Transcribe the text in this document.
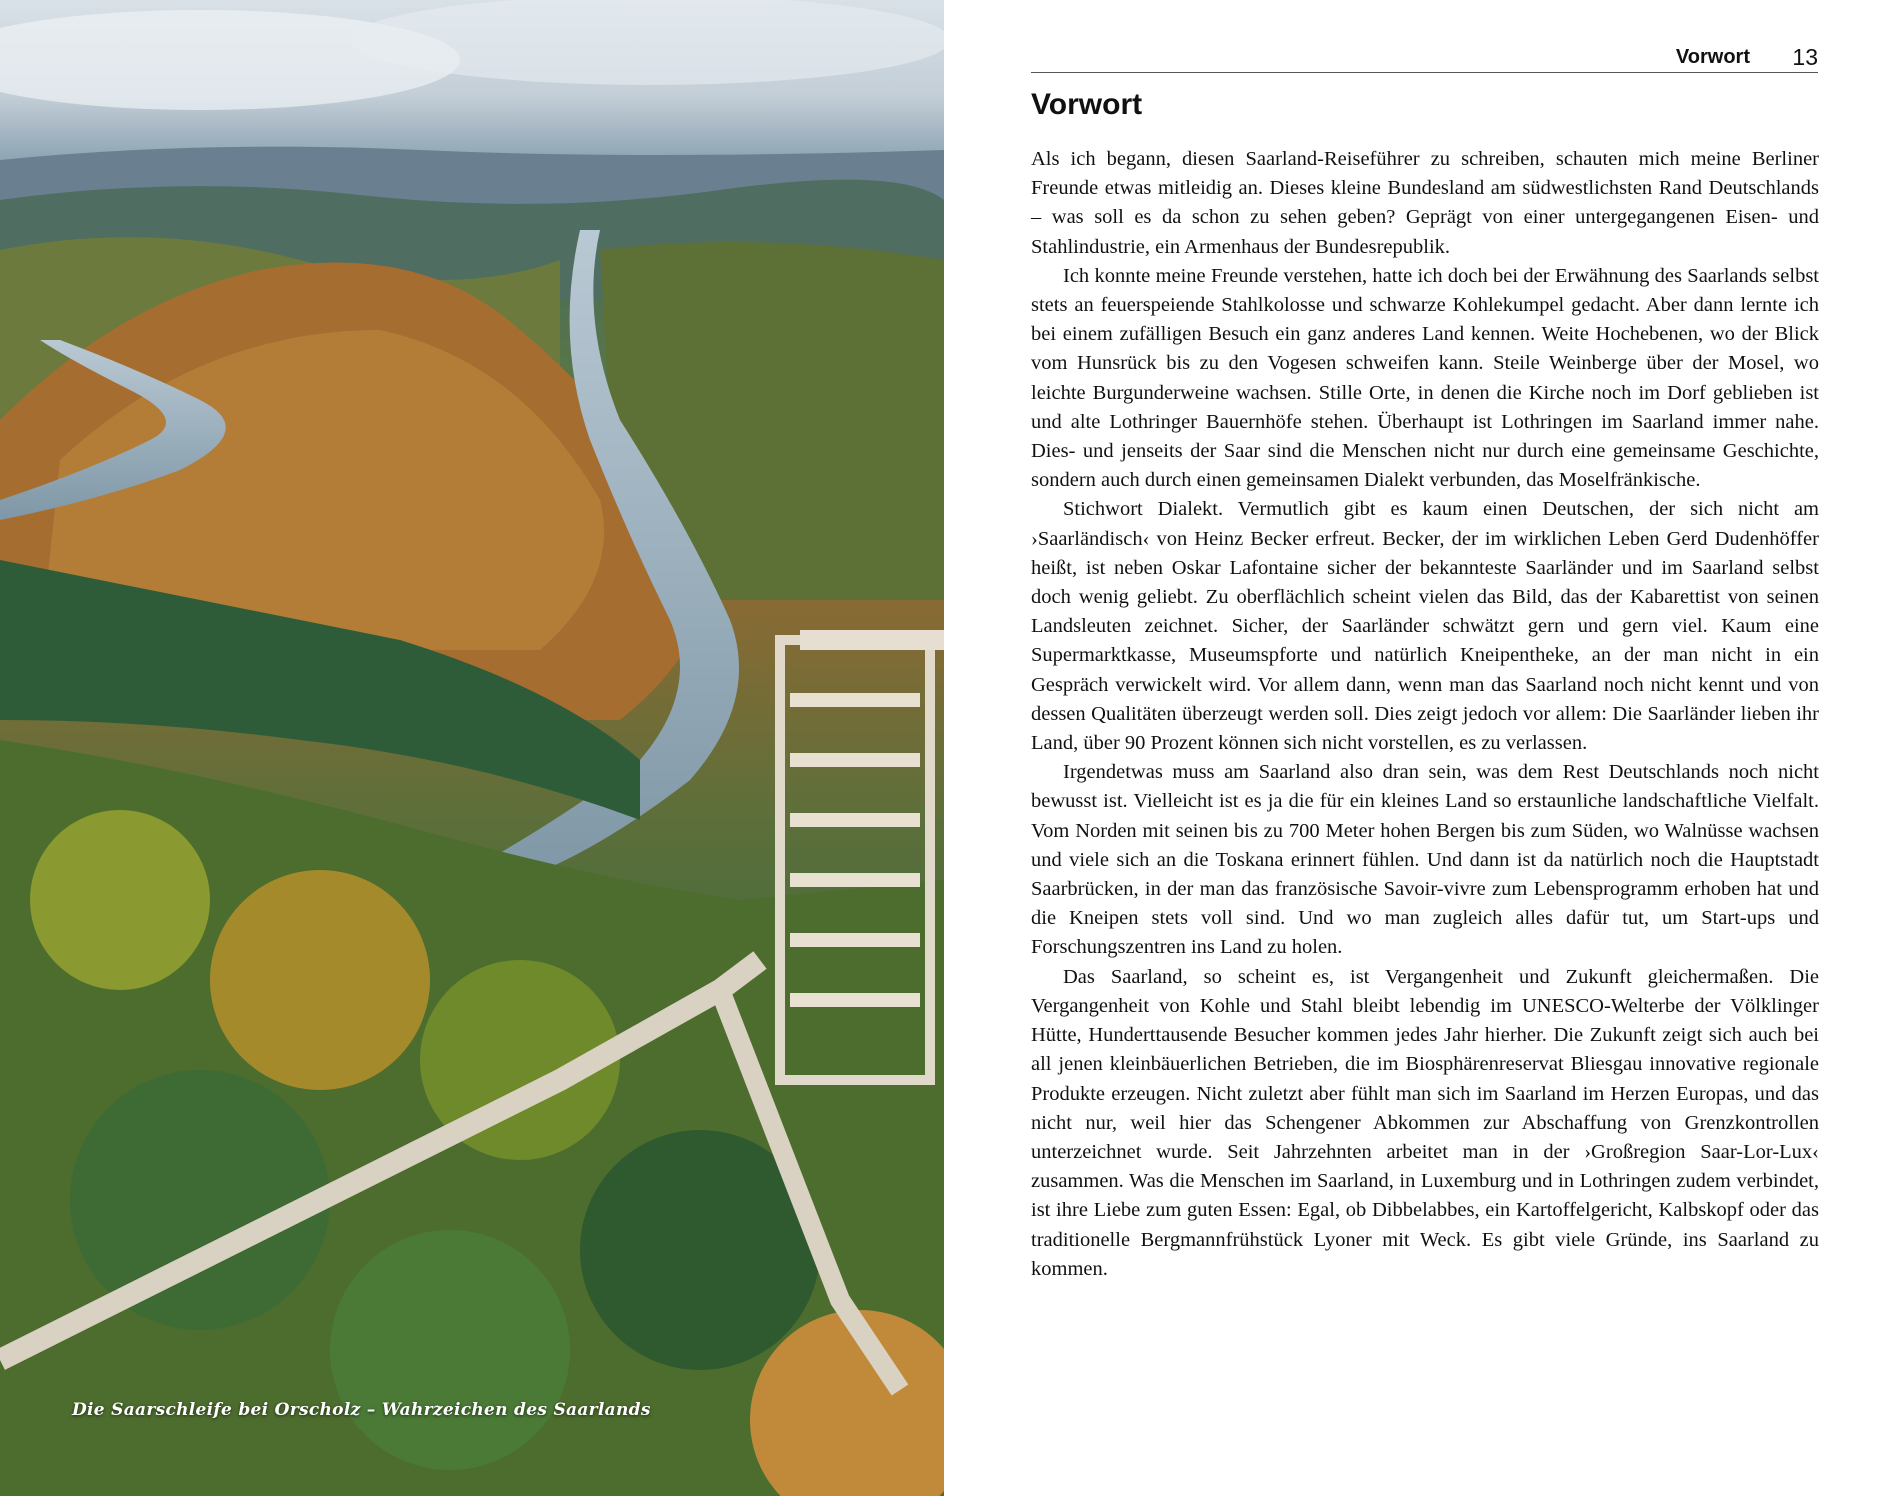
Die Saarschleife bei Orscholz – Wahrzeichen des Saarlands
Vorwort 13
Vorwort

Als ich begann, diesen Saarland-Reiseführer zu schreiben, schauten mich meine Berliner Freunde etwas mitleidig an. Dieses kleine Bundesland am südwestlichsten Rand Deutschlands – was soll es da schon zu sehen geben? Geprägt von einer untergegangenen Eisen- und Stahlindustrie, ein Armenhaus der Bundesrepublik.

Ich konnte meine Freunde verstehen, hatte ich doch bei der Erwähnung des Saarlands selbst stets an feuerspeiende Stahlkolosse und schwarze Kohlekumpel gedacht. Aber dann lernte ich bei einem zufälligen Besuch ein ganz anderes Land kennen. Weite Hochebenen, wo der Blick vom Hunsrück bis zu den Vogesen schweifen kann. Steile Weinberge über der Mosel, wo leichte Burgunderweine wachsen. Stille Orte, in denen die Kirche noch im Dorf geblieben ist und alte Lothringer Bauernhöfe stehen. Überhaupt ist Lothringen im Saarland immer nahe. Dies- und jenseits der Saar sind die Menschen nicht nur durch eine gemeinsame Geschichte, sondern auch durch einen gemeinsamen Dialekt verbunden, das Moselfränkische.

Stichwort Dialekt. Vermutlich gibt es kaum einen Deutschen, der sich nicht am ›Saarländisch‹ von Heinz Becker erfreut. Becker, der im wirklichen Leben Gerd Dudenhöffer heißt, ist neben Oskar Lafontaine sicher der bekannteste Saarländer und im Saarland selbst doch wenig geliebt. Zu oberflächlich scheint vielen das Bild, das der Kabarettist von seinen Landsleuten zeichnet. Sicher, der Saarländer schwätzt gern und gern viel. Kaum eine Supermarktkasse, Museumspforte und natürlich Kneipentheke, an der man nicht in ein Gespräch verwickelt wird. Vor allem dann, wenn man das Saarland noch nicht kennt und von dessen Qualitäten überzeugt werden soll. Dies zeigt jedoch vor allem: Die Saarländer lieben ihr Land, über 90 Prozent können sich nicht vorstellen, es zu verlassen.

Irgendetwas muss am Saarland also dran sein, was dem Rest Deutschlands noch nicht bewusst ist. Vielleicht ist es ja die für ein kleines Land so erstaunliche landschaftliche Vielfalt. Vom Norden mit seinen bis zu 700 Meter hohen Bergen bis zum Süden, wo Walnüsse wachsen und viele sich an die Toskana erinnert fühlen. Und dann ist da natürlich noch die Hauptstadt Saarbrücken, in der man das französische Savoir-vivre zum Lebensprogramm erhoben hat und die Kneipen stets voll sind. Und wo man zugleich alles dafür tut, um Start-ups und Forschungszentren ins Land zu holen.

Das Saarland, so scheint es, ist Vergangenheit und Zukunft gleichermaßen. Die Vergangenheit von Kohle und Stahl bleibt lebendig im UNESCO-Welterbe der Völklinger Hütte, Hunderttausende Besucher kommen jedes Jahr hierher. Die Zukunft zeigt sich auch bei all jenen kleinbäuerlichen Betrieben, die im Biosphärenreservat Bliesgau innovative regionale Produkte erzeugen. Nicht zuletzt aber fühlt man sich im Saarland im Herzen Europas, und das nicht nur, weil hier das Schengener Abkommen zur Abschaffung von Grenzkontrollen unterzeichnet wurde. Seit Jahrzehnten arbeitet man in der ›Großregion Saar-Lor-Lux‹ zusammen. Was die Menschen im Saarland, in Luxemburg und in Lothringen zudem verbindet, ist ihre Liebe zum guten Essen: Egal, ob Dibbelabbes, ein Kartoffelgericht, Kalbskopf oder das traditionelle Bergmannfrühstück Lyoner mit Weck. Es gibt viele Gründe, ins Saarland zu kommen.
